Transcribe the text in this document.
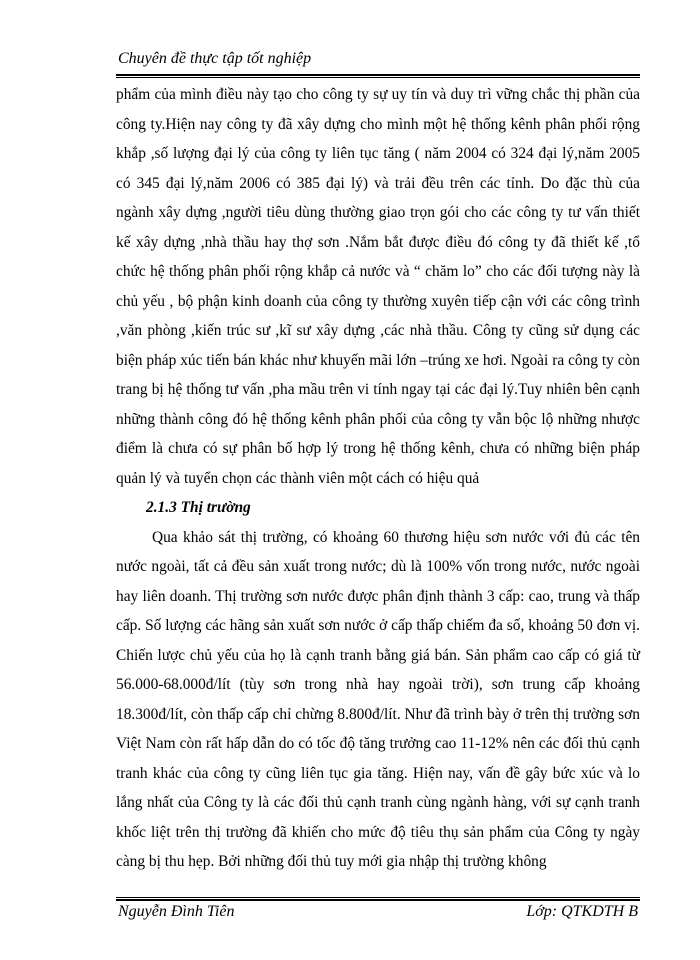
Chuyên đề thực tập tốt nghiệp

phẩm của mình điều này tạo cho công ty sự uy tín và duy trì vững chắc thị phần của công ty.Hiện nay công ty đã xây dựng cho mình một hệ thống kênh phân phối rộng khắp ,số lượng đại lý của công ty liên tục tăng ( năm 2004 có 324 đại lý,năm 2005 có 345 đại lý,năm 2006 có 385 đại lý) và trải đều trên các tỉnh. Do đặc thù của ngành xây dựng ,người tiêu dùng thường giao trọn gói cho các công ty tư vấn thiết kế xây dựng ,nhà thầu hay thợ sơn .Nắm bắt được điều đó công ty đã thiết kế ,tổ chức hệ thống phân phối rộng khắp cả nước và “ chăm lo” cho các đối tượng này là chủ yếu , bộ phận kinh doanh của công ty thường xuyên tiếp cận với các công trình ,văn phòng ,kiến trúc sư ,kĩ sư xây dựng ,các nhà thầu. Công ty cũng sử dụng các biện pháp xúc tiến bán khác như khuyến mãi lớn –trúng xe hơi. Ngoài ra công ty còn trang bị hệ thống tư vấn ,pha mầu trên vi tính ngay tại các đại lý.Tuy nhiên bên cạnh những thành công đó hệ thống kênh phân phối của công ty vẫn bộc lộ những nhược điểm là chưa có sự phân bố hợp lý trong hệ thống kênh, chưa có những biện pháp quản lý và tuyển chọn các thành viên một cách có hiệu quả

2.1.3 Thị trường

Qua khảo sát thị trường, có khoảng 60 thương hiệu sơn nước với đủ các tên nước ngoài, tất cả đều sản xuất trong nước; dù là 100% vốn trong nước, nước ngoài hay liên doanh. Thị trường sơn nước được phân định thành 3 cấp: cao, trung và thấp cấp. Số lượng các hãng sản xuất sơn nước ở cấp thấp chiếm đa số, khoảng 50 đơn vị. Chiến lược chủ yếu của họ là cạnh tranh bằng giá bán. Sản phẩm cao cấp có giá từ 56.000-68.000đ/lít (tùy sơn trong nhà hay ngoài trời), sơn trung cấp khoảng 18.300đ/lít, còn thấp cấp chỉ chừng 8.800đ/lít. Như đã trình bày ở trên thị trường sơn Việt Nam còn rất hấp dẫn do có tốc độ tăng trưởng cao 11-12% nên các đối thủ cạnh tranh khác của công ty cũng liên tục gia tăng. Hiện nay, vấn đề gây bức xúc và lo lắng nhất của Công ty là các đối thủ cạnh tranh cùng ngành hàng, với sự cạnh tranh khốc liệt trên thị trường đã khiến cho mức độ tiêu thụ sản phẩm của Công ty ngày càng bị thu hẹp. Bởi những đối thủ tuy mới gia nhập thị trường không

Nguyễn Đình Tiên	Lớp: QTKDTH B
